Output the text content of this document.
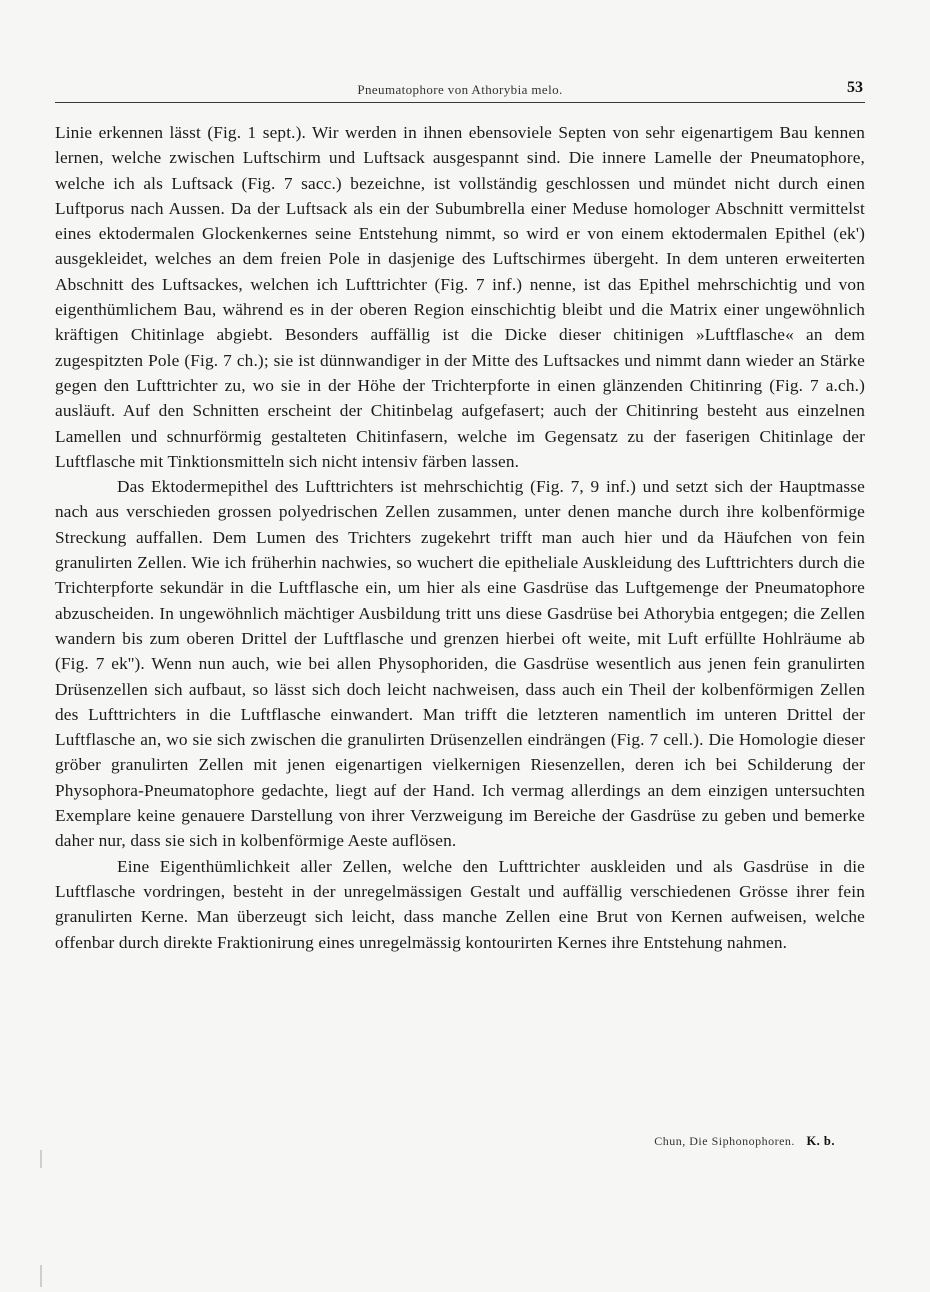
Pneumatophore von Athorybia melo.	53

Linie erkennen lässt (Fig. 1 sept.). Wir werden in ihnen ebensoviele Septen von sehr eigenartigem Bau kennen lernen, welche zwischen Luftschirm und Luftsack ausgespannt sind. Die innere Lamelle der Pneumatophore, welche ich als Luftsack (Fig. 7 sacc.) bezeichne, ist vollständig geschlossen und mündet nicht durch einen Luftporus nach Aussen. Da der Luftsack als ein der Subumbrella einer Meduse homologer Abschnitt vermittelst eines ektodermalen Glockenkernes seine Entstehung nimmt, so wird er von einem ektodermalen Epithel (ek') ausgekleidet, welches an dem freien Pole in dasjenige des Luftschirmes übergeht. In dem unteren erweiterten Abschnitt des Luftsackes, welchen ich Lufttrichter (Fig. 7 inf.) nenne, ist das Epithel mehrschichtig und von eigenthümlichem Bau, während es in der oberen Region einschichtig bleibt und die Matrix einer ungewöhnlich kräftigen Chitinlage abgiebt. Besonders auffällig ist die Dicke dieser chitinigen »Luftflasche« an dem zugespitzten Pole (Fig. 7 ch.); sie ist dünnwandiger in der Mitte des Luftsackes und nimmt dann wieder an Stärke gegen den Lufttrichter zu, wo sie in der Höhe der Trichterpforte in einen glänzenden Chitinring (Fig. 7 a.ch.) ausläuft. Auf den Schnitten erscheint der Chitinbelag aufgefasert; auch der Chitinring besteht aus einzelnen Lamellen und schnurförmig gestalteten Chitinfasern, welche im Gegensatz zu der faserigen Chitinlage der Luftflasche mit Tinktionsmitteln sich nicht intensiv färben lassen.

Das Ektodermepithel des Lufttrichters ist mehrschichtig (Fig. 7, 9 inf.) und setzt sich der Hauptmasse nach aus verschieden grossen polyedrischen Zellen zusammen, unter denen manche durch ihre kolbenförmige Streckung auffallen. Dem Lumen des Trichters zugekehrt trifft man auch hier und da Häufchen von fein granulirten Zellen. Wie ich früherhin nachwies, so wuchert die epitheliale Auskleidung des Lufttrichters durch die Trichterpforte sekundär in die Luftflasche ein, um hier als eine Gasdrüse das Luftgemenge der Pneumatophore abzuscheiden. In ungewöhnlich mächtiger Ausbildung tritt uns diese Gasdrüse bei Athorybia entgegen; die Zellen wandern bis zum oberen Drittel der Luftflasche und grenzen hierbei oft weite, mit Luft erfüllte Hohlräume ab (Fig. 7 ek''). Wenn nun auch, wie bei allen Physophoriden, die Gasdrüse wesentlich aus jenen fein granulirten Drüsenzellen sich aufbaut, so lässt sich doch leicht nachweisen, dass auch ein Theil der kolbenförmigen Zellen des Lufttrichters in die Luftflasche einwandert. Man trifft die letzteren namentlich im unteren Drittel der Luftflasche an, wo sie sich zwischen die granulirten Drüsenzellen eindrängen (Fig. 7 cell.). Die Homologie dieser gröber granulirten Zellen mit jenen eigenartigen vielkernigen Riesenzellen, deren ich bei Schilderung der Physophora-Pneumatophore gedachte, liegt auf der Hand. Ich vermag allerdings an dem einzigen untersuchten Exemplare keine genauere Darstellung von ihrer Verzweigung im Bereiche der Gasdrüse zu geben und bemerke daher nur, dass sie sich in kolbenförmige Aeste auflösen.

Eine Eigenthümlichkeit aller Zellen, welche den Lufttrichter auskleiden und als Gasdrüse in die Luftflasche vordringen, besteht in der unregelmässigen Gestalt und auffällig verschiedenen Grösse ihrer fein granulirten Kerne. Man überzeugt sich leicht, dass manche Zellen eine Brut von Kernen aufweisen, welche offenbar durch direkte Fraktionirung eines unregelmässig kontourirten Kernes ihre Entstehung nahmen.

Chun, Die Siphonophoren. K. b.
